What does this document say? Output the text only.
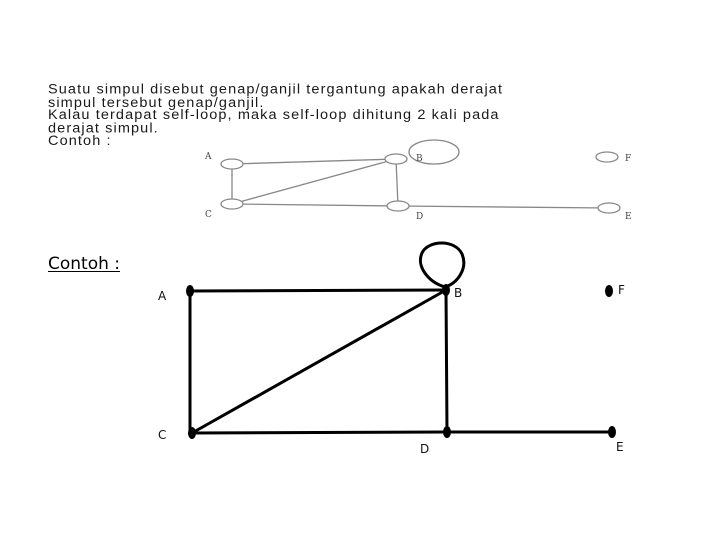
Suatu simpul disebut genap/ganjil tergantung apakah derajat
simpul tersebut genap/ganjil.
Kalau terdapat self-loop, maka self-loop dihitung 2 kali pada
derajat simpul.
Contoh :
A	B
C	D	E
F
A	B
C
D	E
F
Contoh :
